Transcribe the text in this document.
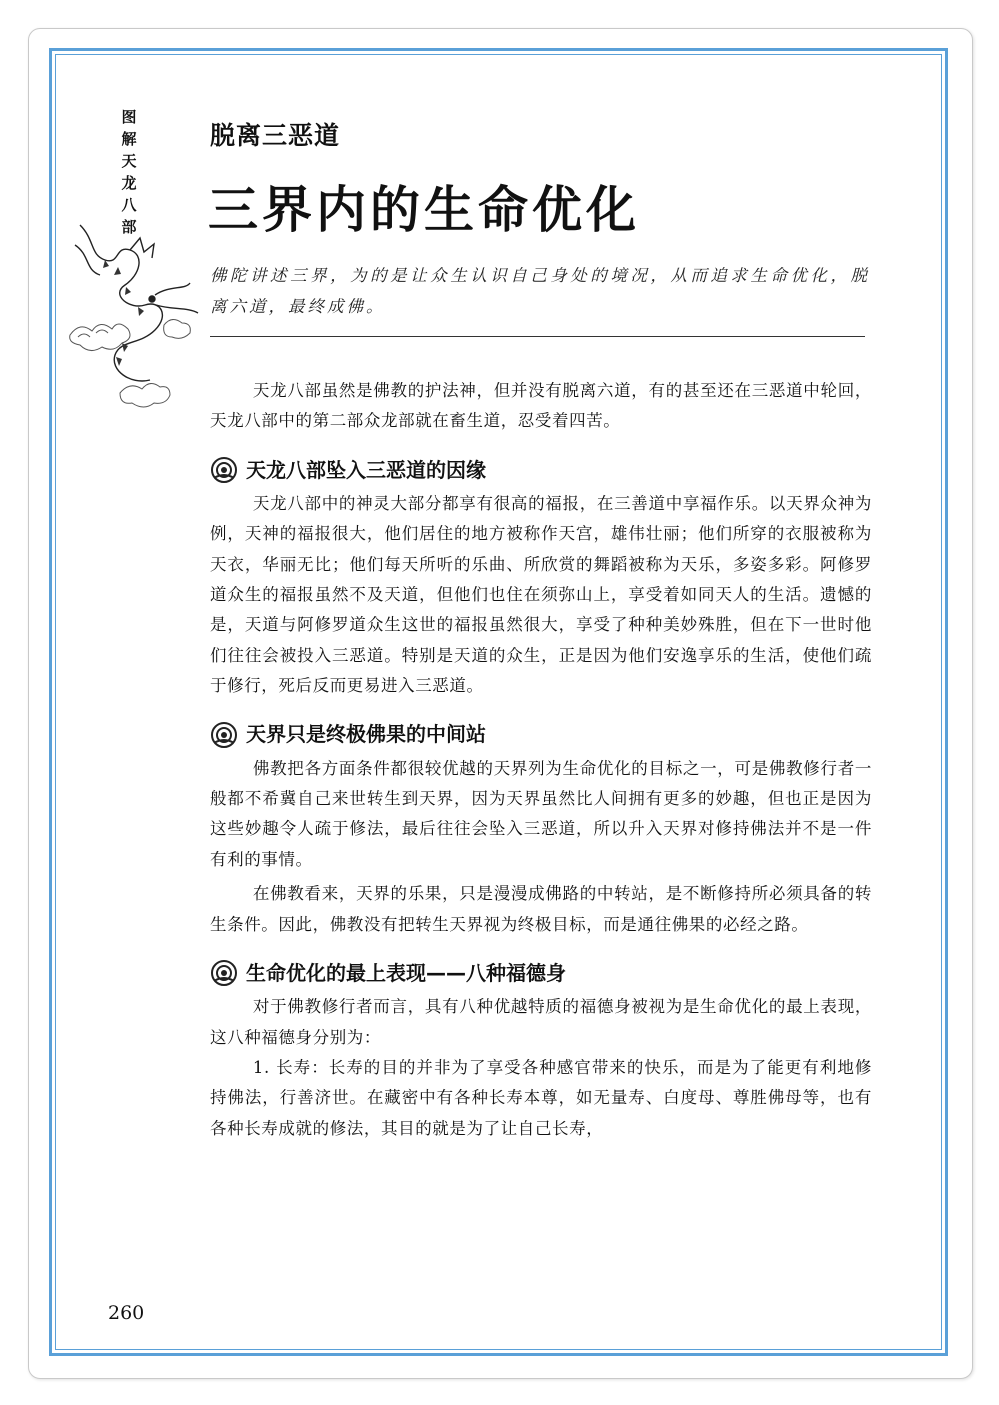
图
解
天
龙
八
部
脱离三恶道
三界内的生命优化
佛陀讲述三界，为的是让众生认识自己身处的境况，从而追求生命优化，脱离六道，最终成佛。

天龙八部虽然是佛教的护法神，但并没有脱离六道，有的甚至还在三恶道中轮回，天龙八部中的第二部众龙部就在畜生道，忍受着四苦。

天龙八部坠入三恶道的因缘

天龙八部中的神灵大部分都享有很高的福报，在三善道中享福作乐。以天界众神为例，天神的福报很大，他们居住的地方被称作天宫，雄伟壮丽；他们所穿的衣服被称为天衣，华丽无比；他们每天所听的乐曲、所欣赏的舞蹈被称为天乐，多姿多彩。阿修罗道众生的福报虽然不及天道，但他们也住在须弥山上，享受着如同天人的生活。遗憾的是，天道与阿修罗道众生这世的福报虽然很大，享受了种种美妙殊胜，但在下一世时他们往往会被投入三恶道。特别是天道的众生，正是因为他们安逸享乐的生活，使他们疏于修行，死后反而更易进入三恶道。

天界只是终极佛果的中间站

佛教把各方面条件都很较优越的天界列为生命优化的目标之一，可是佛教修行者一般都不希冀自己来世转生到天界，因为天界虽然比人间拥有更多的妙趣，但也正是因为这些妙趣令人疏于修法，最后往往会坠入三恶道，所以升入天界对修持佛法并不是一件有利的事情。

在佛教看来，天界的乐果，只是漫漫成佛路的中转站，是不断修持所必须具备的转生条件。因此，佛教没有把转生天界视为终极目标，而是通往佛果的必经之路。

生命优化的最上表现——八种福德身

对于佛教修行者而言，具有八种优越特质的福德身被视为是生命优化的最上表现，这八种福德身分别为：

1. 长寿：长寿的目的并非为了享受各种感官带来的快乐，而是为了能更有利地修持佛法，行善济世。在藏密中有各种长寿本尊，如无量寿、白度母、尊胜佛母等，也有各种长寿成就的修法，其目的就是为了让自己长寿，

260
